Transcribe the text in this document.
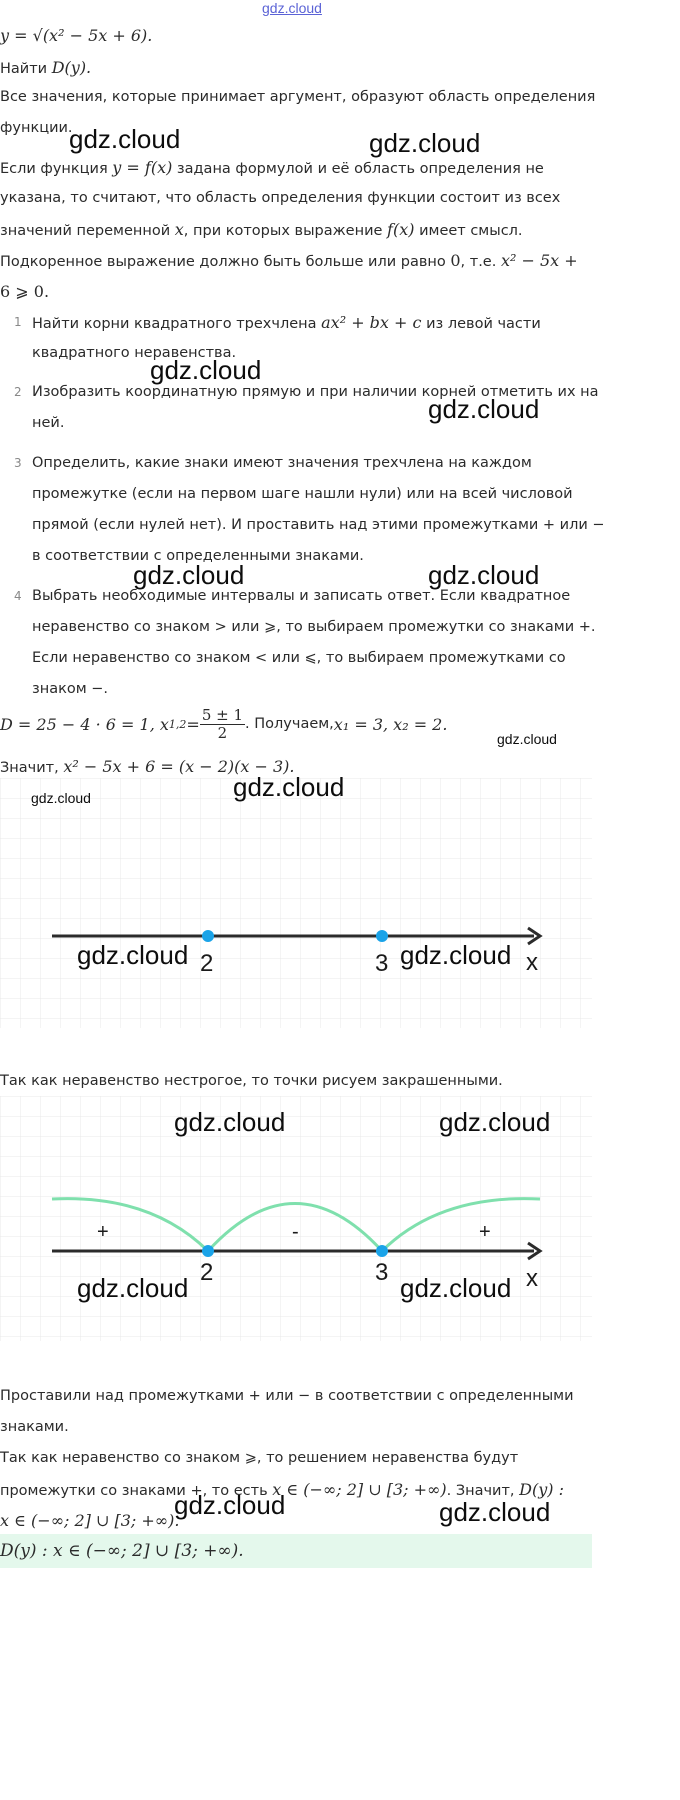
gdz.cloud
y = √(x² − 5x + 6).
Найти D(y).
Все значения, которые принимает аргумент, образуют область определения
функции.
Если функция y = f(x) задана формулой и её область определения не
указана, то считают, что область определения функции состоит из всех
значений переменной x, при которых выражение f(x) имеет смысл.
Подкоренное выражение должно быть больше или равно 0, т.е. x² − 5x +
6 ⩾ 0.
1 Найти корни квадратного трехчлена ax² + bx + c из левой части
квадратного неравенства.
2 Изобразить координатную прямую и при наличии корней отметить их на
ней.
3 Определить, какие знаки имеют значения трехчлена на каждом
промежутке (если на первом шаге нашли нули) или на всей числовой
прямой (если нулей нет). И проставить над этими промежутками + или −
в соответствии с определенными знаками.
4 Выбрать необходимые интервалы и записать ответ. Если квадратное
неравенство со знаком > или ⩾, то выбираем промежутки со знаками +.
Если неравенство со знаком < или ⩽, то выбираем промежутками со
знаком −.
D = 25 − 4 · 6 = 1, x $1,2 = \frac{5 \pm 1}{2}$ . Получаем, x₁ = 3, x₂ = 2.
Значит, x² − 5x + 6 = (x − 2)(x − 3).
2	3	x
Так как неравенство нестрогое, то точки рисуем закрашенными.
+	-	+
2	3	x
Проставили над промежутками + или − в соответствии с определенными
знаками.
Так как неравенство со знаком ⩾, то решением неравенства будут
промежутки со знаками +, то есть x ∈ (−∞; 2] ∪ [3; +∞). Значит, D(y) :
x ∈ (−∞; 2] ∪ [3; +∞).
D(y) : x ∈ (−∞; 2] ∪ [3; +∞).
gdz.cloud	gdz.cloud
gdz.cloud
gdz.cloud
gdz.cloud	gdz.cloud
gdz.cloud
gdz.cloud
gdz.cloud
gdz.cloud	gdz.cloud
gdz.cloud	gdz.cloud
gdz.cloud	gdz.cloud
gdz.cloud	gdz.cloud
